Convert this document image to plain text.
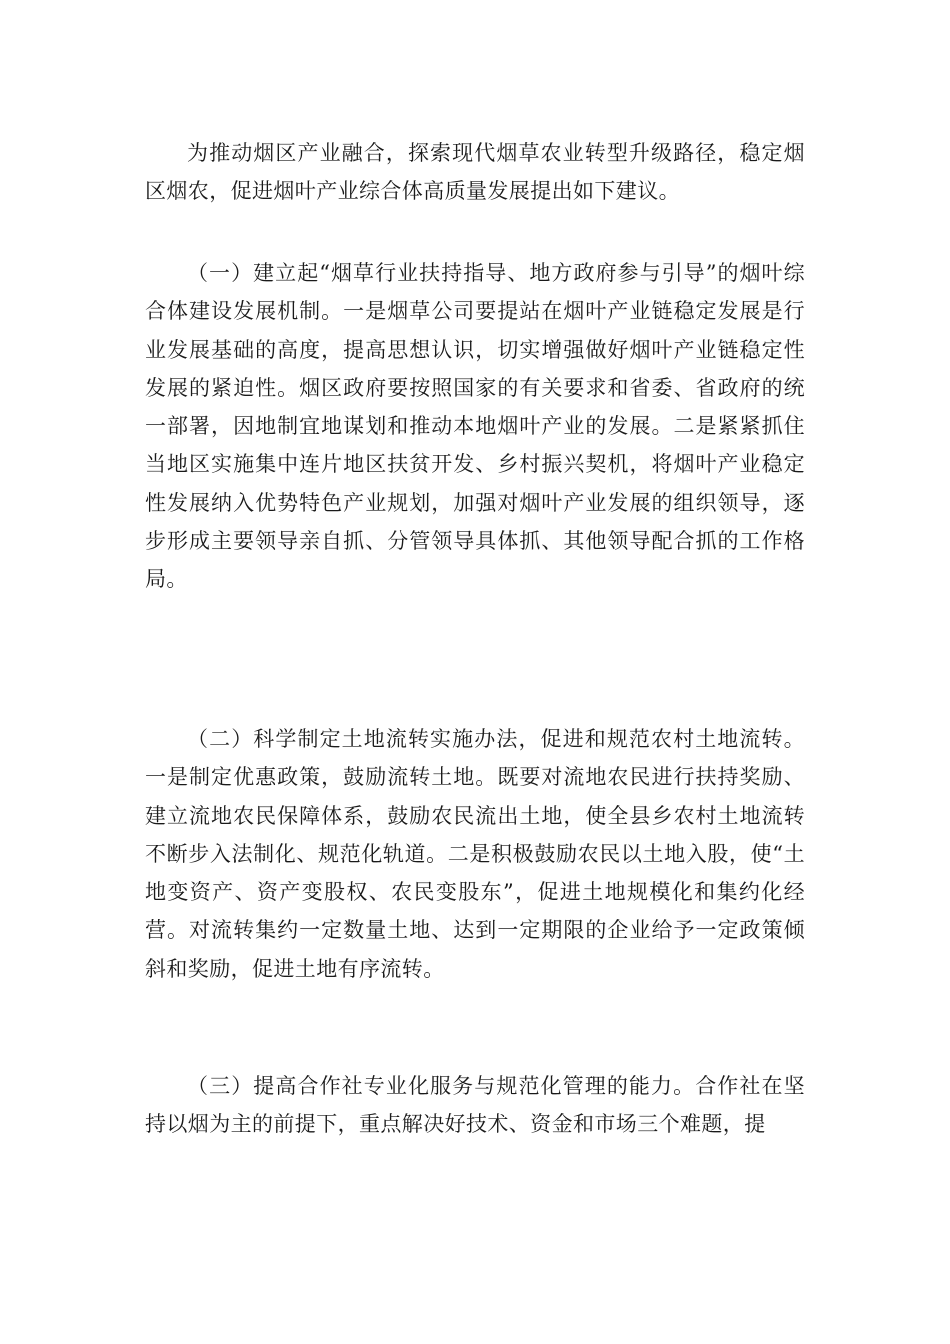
为推动烟区产业融合，探索现代烟草农业转型升级路径，稳定烟区烟农，促进烟叶产业综合体高质量发展提出如下建议。

（一）建立起“烟草行业扶持指导、地方政府参与引导”的烟叶综合体建设发展机制。一是烟草公司要提站在烟叶产业链稳定发展是行业发展基础的高度，提高思想认识，切实增强做好烟叶产业链稳定性发展的紧迫性。烟区政府要按照国家的有关要求和省委、省政府的统一部署，因地制宜地谋划和推动本地烟叶产业的发展。二是紧紧抓住当地区实施集中连片地区扶贫开发、乡村振兴契机，将烟叶产业稳定性发展纳入优势特色产业规划，加强对烟叶产业发展的组织领导，逐步形成主要领导亲自抓、分管领导具体抓、其他领导配合抓的工作格局。

（二）科学制定土地流转实施办法，促进和规范农村土地流转。一是制定优惠政策，鼓励流转土地。既要对流地农民进行扶持奖励、建立流地农民保障体系，鼓励农民流出土地，使全县乡农村土地流转不断步入法制化、规范化轨道。二是积极鼓励农民以土地入股，使“土地变资产、资产变股权、农民变股东”，促进土地规模化和集约化经营。对流转集约一定数量土地、达到一定期限的企业给予一定政策倾斜和奖励，促进土地有序流转。

（三）提高合作社专业化服务与规范化管理的能力。合作社在坚持以烟为主的前提下，重点解决好技术、资金和市场三个难题，提
